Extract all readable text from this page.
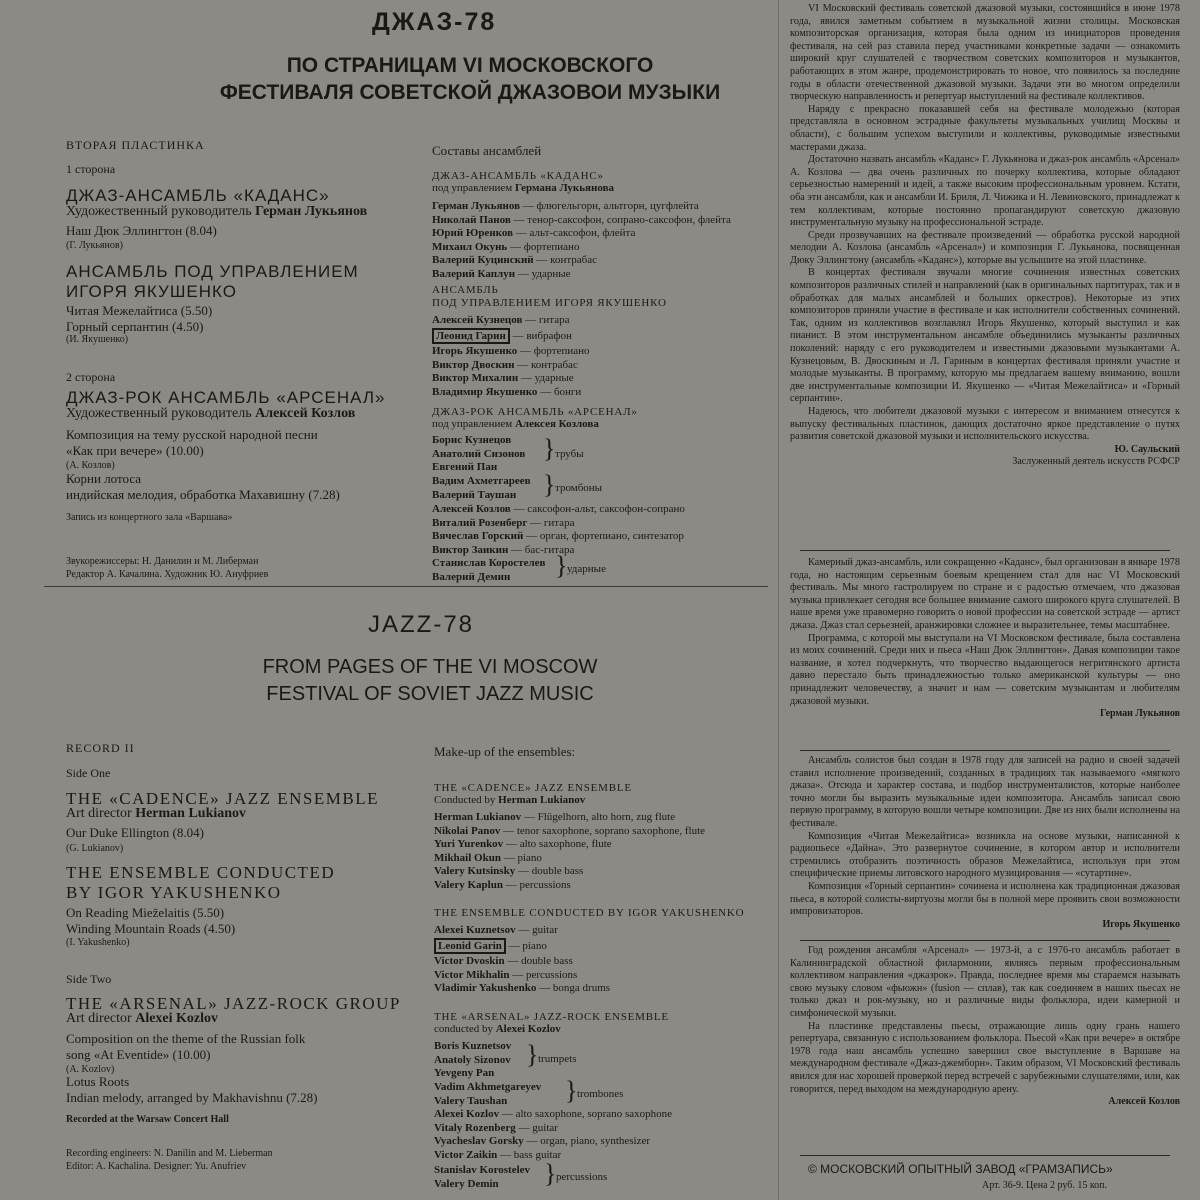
ДЖАЗ-78
ПО СТРАНИЦАМ VI МОСКОВСКОГО
ФЕСТИВАЛЯ СОВЕТСКОЙ ДЖАЗОВОИ МУЗЫКИ
ВТОРАЯ ПЛАСТИНКА
1 сторона
ДЖАЗ-АНСАМБЛЬ «КАДАНС»
Художественный руководитель Герман Лукьянов
Наш Дюк Эллингтон (8.04)
(Г. Лукьянов)
АНСАМБЛЬ ПОД УПРАВЛЕНИЕМ
ИГОРЯ ЯКУШЕНКО
Читая Межелайтиса (5.50)
Горный серпантин (4.50)
(И. Якушенко)
2 сторона
ДЖАЗ-РОК АНСАМБЛЬ «АРСЕНАЛ»
Художественный руководитель Алексей Козлов
Композиция на тему русской народной песни
«Как при вечере» (10.00)
(А. Козлов)
Корни лотоса
индийская мелодия, обработка Махавишну (7.28)
Запись из концертного зала «Варшава»
Звукорежиссеры: Н. Данилин и М. Либерман
Редактор А. Качалина. Художник Ю. Ануфриев
Составы ансамблей
ДЖАЗ-АНСАМБЛЬ «КАДАНС»
под управлением Германа Лукьянова
Герман Лукьянов — флюгельгорн, альтгорн, цугфлейта
Николай Панов — тенор-саксофон, сопрано-саксофон, флейта
Юрий Юренков — альт-саксофон, флейта
Михаил Окунь — фортепиано
Валерий Куцинский — контрабас
Валерий Каплун — ударные
АНСАМБЛЬ
ПОД УПРАВЛЕНИЕМ ИГОРЯ ЯКУШЕНКО
Алексей Кузнецов — гитара
Леонид Гарин — вибрафон
Игорь Якушенко — фортепиано
Виктор Двоскин — контрабас
Виктор Михалин — ударные
Владимир Якушенко — бонги
ДЖАЗ-РОК АНСАМБЛЬ «АРСЕНАЛ»
под управлением Алексея Козлова
Борис Кузнецов
Анатолий Сизонов
Евгений Пан
} трубы
Вадим Ахметгареев
Валерий Таушан	} тромбоны
Алексей Козлов — саксофон-альт, саксофон-сопрано
Виталий Розенберг — гитара
Вячеслав Горский — орган, фортепиано, синтезатор
Виктор Заикин — бас-гитара
Станислав Коростелев
Валерий Демин	} ударные
JAZZ-78
FROM PAGES OF THE VI MOSCOW
FESTIVAL OF SOVIET JAZZ MUSIC
RECORD II
Side One
THE «CADENCE» JAZZ ENSEMBLE
Art director Herman Lukianov
Our Duke Ellington (8.04)
(G. Lukianov)
THE ENSEMBLE CONDUCTED
BY IGOR YAKUSHENKO
On Reading Mieželaitis (5.50)
Winding Mountain Roads (4.50)
(I. Yakushenko)
Side Two
THE «ARSENAL» JAZZ-ROCK GROUP
Art director Alexei Kozlov
Composition on the theme of the Russian folk
song «At Eventide» (10.00)
(A. Kozlov)
Lotus Roots
Indian melody, arranged by Makhavishnu (7.28)
Recorded at the Warsaw Concert Hall
Recording engineers: N. Danilin and M. Lieberman
Editor: A. Kachalina. Designer: Yu. Anufriev
Make-up of the ensembles:
THE «CADENCE» JAZZ ENSEMBLE
Conducted by Herman Lukianov
Herman Lukianov — Flügelhorn, alto horn, zug flute
Nikolai Panov — tenor saxophone, soprano saxophone, flute
Yuri Yurenkov — alto saxophone, flute
Mikhail Okun — piano
Valery Kutsinsky — double bass
Valery Kaplun — percussions
THE ENSEMBLE CONDUCTED BY IGOR YAKUSHENKO
Alexei Kuznetsov — guitar
Leonid Garin — piano
Victor Dvoskin — double bass
Victor Mikhalin — percussions
Vladimir Yakushenko — bonga drums
THE «ARSENAL» JAZZ-ROCK ENSEMBLE
conducted by Alexei Kozlov
Boris Kuznetsov
Anatoly Sizonov
Yevgeny Pan
} trumpets
Vadim Akhmetgareyev
Valery Taushan	} trombones
Alexei Kozlov — alto saxophone, soprano saxophone
Vitaly Rozenberg — guitar
Vyacheslav Gorsky — organ, piano, synthesizer
Victor Zaikin — bass guitar
Stanislav Korostelev
Valery Demin	} percussions

VI Московский фестиваль советской джазовой музыки, состоявшийся в июне 1978 года, явился заметным событием в музыкальной жизни столицы. Московская композиторская организация, которая была одним из инициаторов проведения фестиваля, на сей раз ставила перед участниками конкретные задачи — ознакомить широкий круг слушателей с творчеством советских композиторов и музыкантов, работающих в этом жанре, продемонстрировать то новое, что появилось за последние годы в области отечественной джазовой музыки. Задачи эти во многом определили творческую направленность и репертуар выступлений на фестивале коллективов.

Наряду с прекрасно показавшей себя на фестивале молодежью (которая представляла в основном эстрадные факультеты музыкальных училищ Москвы и области), с большим успехом выступили и коллективы, руководимые известными мастерами джаза.

Достаточно назвать ансамбль «Каданс» Г. Лукьянова и джаз-рок ансамбль «Арсенал» А. Козлова — два очень различных по почерку коллектива, которые обладают серьезностью намерений и идей, а также высоким профессиональным уровнем. Кстати, оба эти ансамбля, как и ансамбли И. Бриля, Л. Чижика и Н. Левиновского, принадлежат к тем коллективам, которые постоянно пропагандируют советскую джазовую инструментальную музыку на профессиональной эстраде.

Среди прозвучавших на фестивале произведений — обработка русской народной мелодии А. Козлова (ансамбль «Арсенал») и композиция Г. Лукьянова, посвященная Дюку Эллингтону (ансамбль «Каданс»), которые вы услышите на этой пластинке.

В концертах фестиваля звучали многие сочинения известных советских композиторов различных стилей и направлений (как в оригинальных партитурах, так и в обработках для малых ансамблей и больших оркестров). Некоторые из этих композиторов приняли участие в фестивале и как исполнители собственных сочинений. Так, одним из коллективов возглавлял Игорь Якушенко, который выступил и как пианист. В этом инструментальном ансамбле объединились музыканты различных поколений: наряду с его руководителем и известными джазовыми музыкантами А. Кузнецовым, В. Двоскиным и Л. Гариным в концертах фестиваля приняли участие и молодые музыканты. В программу, которую мы предлагаем вашему вниманию, вошли две инструментальные композиции И. Якушенко — «Читая Межелайтиса» и «Горный серпантин».

Надеюсь, что любители джазовой музыки с интересом и вниманием отнесутся к выпуску фестивальных пластинок, дающих достаточно яркое представление о путях развития советской джазовой музыки и исполнительского искусства.

Ю. Саульский
Заслуженный деятель искусств РСФСР

Камерный джаз-ансамбль, или сокращенно «Каданс», был организован в январе 1978 года, но настоящим серьезным боевым крещением стал для нас VI Московский фестиваль. Мы много гастролируем по стране и с радостью отмечаем, что джазовая музыка привлекает сегодня все большее внимание самого широкого круга слушателей. В наше время уже правомерно говорить о новой профессии на советской эстраде — артист джаза. Джаз стал серьезней, аранжировки сложнее и выразительнее, темы масштабнее.

Программа, с которой мы выступали на VI Московском фестивале, была составлена из моих сочинений. Среди них и пьеса «Наш Дюк Эллингтон». Давая композиции такое название, я хотел подчеркнуть, что творчество выдающегося негритянского артиста давно перестало быть принадлежностью только американской культуры — оно принадлежит человечеству, а значит и нам — советским музыкантам и любителям джазовой музыки.

Герман Лукьянов

Ансамбль солистов был создан в 1978 году для записей на радио и своей задачей ставил исполнение произведений, созданных в традициях так называемого «мягкого джаза». Отсюда и характер состава, и подбор инструменталистов, которые наиболее точно могли бы выразить музыкальные идеи композитора. Ансамбль записал свою первую программу, в которую вошли четыре композиции. Две из них были исполнены на фестивале.

Композиция «Читая Межелайтиса» возникла на основе музыки, написанной к радиопьесе «Дайна». Это развернутое сочинение, в котором автор и исполнители стремились отобразить поэтичность образов Межелайтиса, используя при этом специфические приемы литовского народного музицирования — «сутартине».

Композиция «Горный серпантин» сочинена и исполнена как традиционная джазовая пьеса, в которой солисты-виртуозы могли бы в полной мере проявить свои возможности импровизаторов.

Игорь Якушенко

Год рождения ансамбля «Арсенал» — 1973-й, а с 1976-го ансамбль работает в Калининградской областной филармонии, являясь первым профессиональным коллективом направления «джазрок». Правда, последнее время мы стараемся называть свою музыку словом «фьюжн» (fusion — сплав), так как соединяем в наших пьесах не только джаз и рок-музыку, но и различные виды фольклора, идеи камерной и симфонической музыки.

На пластинке представлены пьесы, отражающие лишь одну грань нашего репертуара, связанную с использованием фольклора. Пьесой «Как при вечере» в октябре 1978 года наш ансамбль успешно завершил свое выступление в Варшаве на международном фестивале «Джаз-джемборн». Таким образом, VI Московский фестиваль явился для нас хорошей проверкой перед встречей с зарубежными слушателями, или, как говорится, перед выходом на международную арену.

Алексей Козлов
© МОСКОВСКИЙ ОПЫТНЫЙ ЗАВОД «ГРАМЗАПИСЬ»
Арт. 36-9. Цена 2 руб. 15 коп.
